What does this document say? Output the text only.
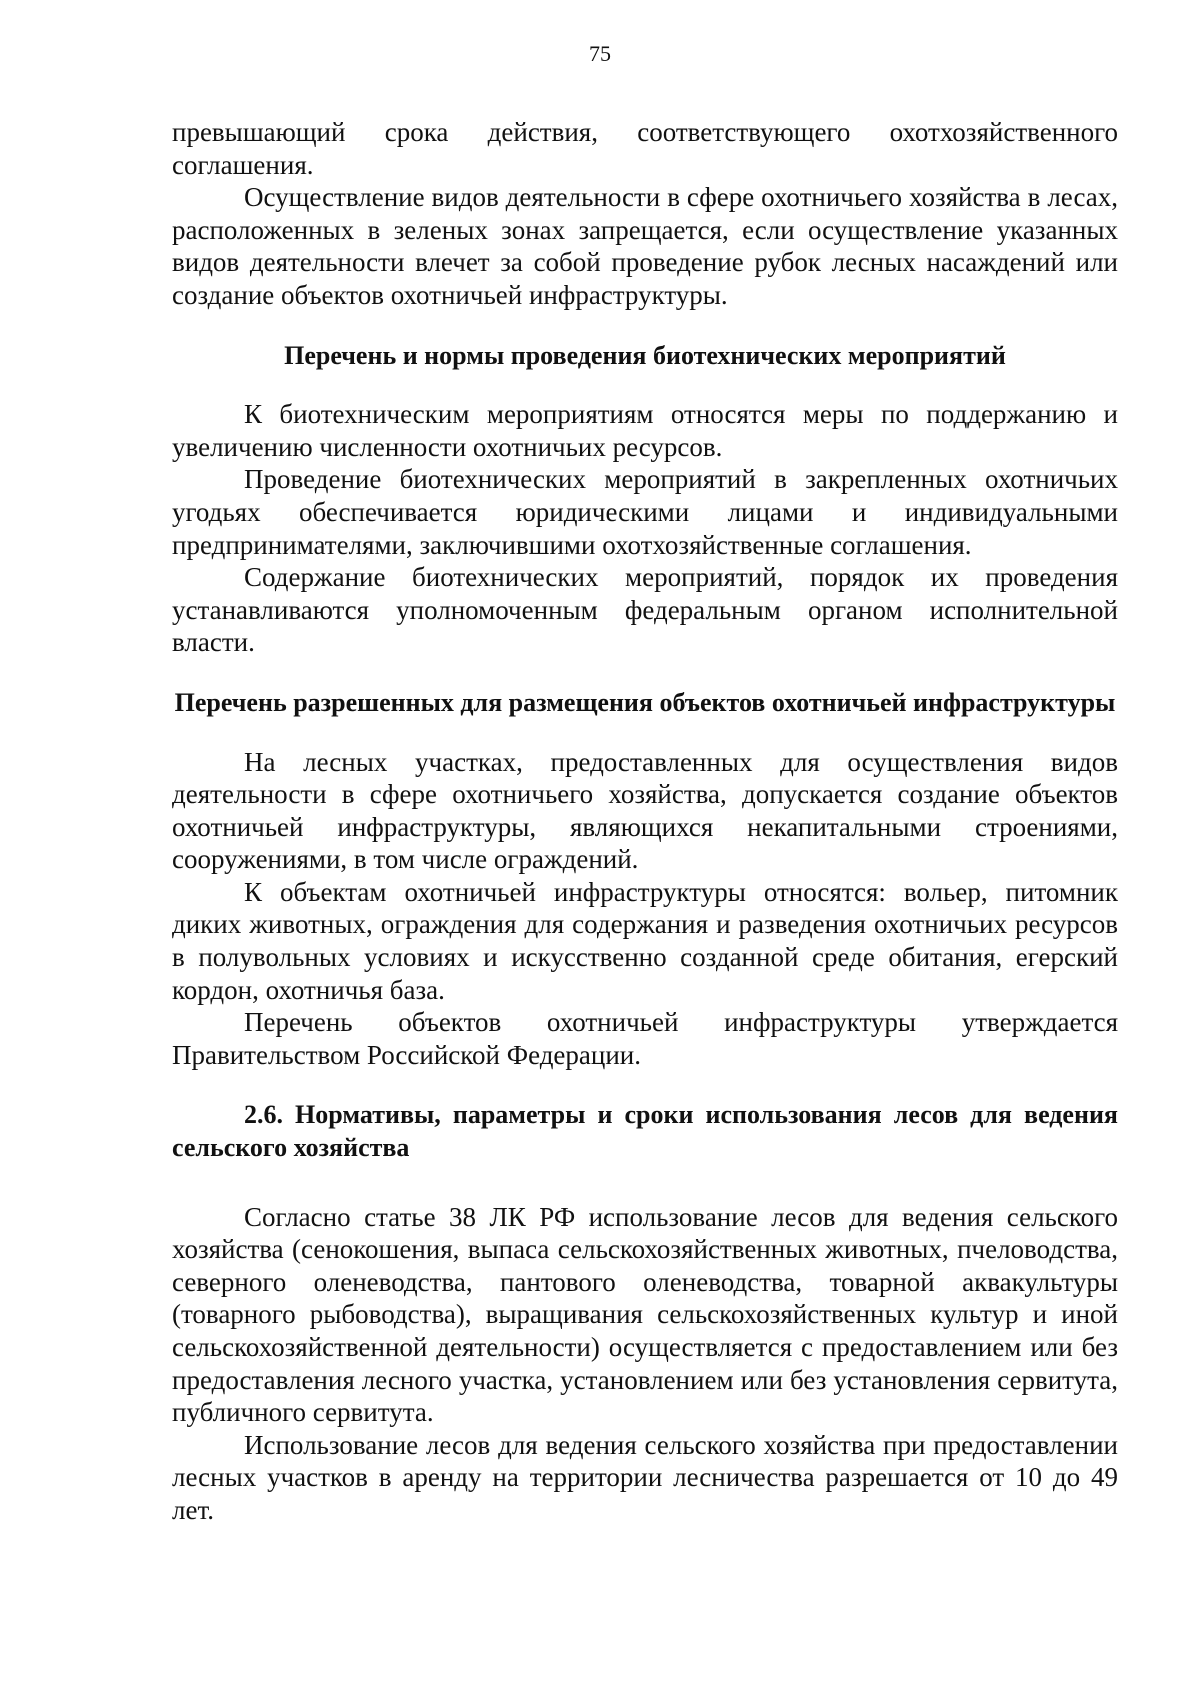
75

превышающий срока действия, соответствующего охотхозяйственного соглашения.

Осуществление видов деятельности в сфере охотничьего хозяйства в лесах, расположенных в зеленых зонах запрещается, если осуществление указанных видов деятельности влечет за собой проведение рубок лесных насаждений или создание объектов охотничьей инфраструктуры.

Перечень и нормы проведения биотехнических мероприятий

К биотехническим мероприятиям относятся меры по поддержанию и увеличению численности охотничьих ресурсов.

Проведение биотехнических мероприятий в закрепленных охотничьих угодьях обеспечивается юридическими лицами и индивидуальными предпринимателями, заключившими охотхозяйственные соглашения.

Содержание биотехнических мероприятий, порядок их проведения устанавливаются уполномоченным федеральным органом исполнительной власти.

Перечень разрешенных для размещения объектов охотничьей инфраструктуры

На лесных участках, предоставленных для осуществления видов деятельности в сфере охотничьего хозяйства, допускается создание объектов охотничьей инфраструктуры, являющихся некапитальными строениями, сооружениями, в том числе ограждений.

К объектам охотничьей инфраструктуры относятся: вольер, питомник диких животных, ограждения для содержания и разведения охотничьих ресурсов в полувольных условиях и искусственно созданной среде обитания, егерский кордон, охотничья база.

Перечень объектов охотничьей инфраструктуры утверждается Правительством Российской Федерации.

2.6. Нормативы, параметры и сроки использования лесов для ведения сельского хозяйства

Согласно статье 38 ЛК РФ использование лесов для ведения сельского хозяйства (сенокошения, выпаса сельскохозяйственных животных, пчеловодства, северного оленеводства, пантового оленеводства, товарной аквакультуры (товарного рыбоводства), выращивания сельскохозяйственных культур и иной сельскохозяйственной деятельности) осуществляется с предоставлением или без предоставления лесного участка, установлением или без установления сервитута, публичного сервитута.

Использование лесов для ведения сельского хозяйства при предоставлении лесных участков в аренду на территории лесничества разрешается от 10 до 49 лет.
